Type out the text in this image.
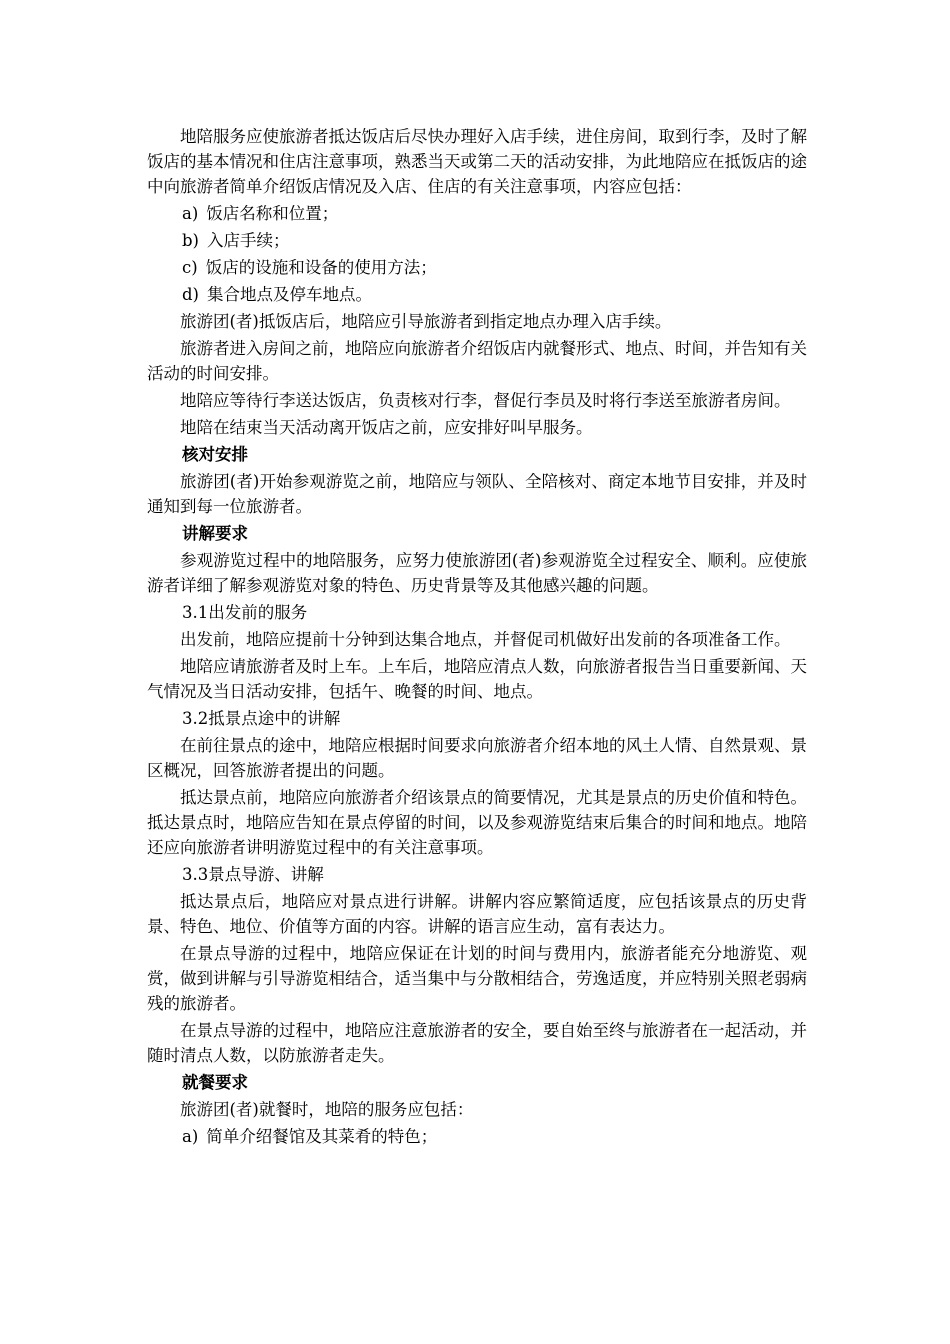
地陪服务应使旅游者抵达饭店后尽快办理好入店手续，进住房间，取到行李，及时了解饭店的基本情况和住店注意事项，熟悉当天或第二天的活动安排，为此地陪应在抵饭店的途中向旅游者简单介绍饭店情况及入店、住店的有关注意事项，内容应包括：

a) 饭店名称和位置；
b) 入店手续；
c) 饭店的设施和设备的使用方法；
d) 集合地点及停车地点。

旅游团(者)抵饭店后，地陪应引导旅游者到指定地点办理入店手续。

旅游者进入房间之前，地陪应向旅游者介绍饭店内就餐形式、地点、时间，并告知有关活动的时间安排。

地陪应等待行李送达饭店，负责核对行李，督促行李员及时将行李送至旅游者房间。

地陪在结束当天活动离开饭店之前，应安排好叫早服务。

核对安排

旅游团(者)开始参观游览之前，地陪应与领队、全陪核对、商定本地节目安排，并及时通知到每一位旅游者。

讲解要求

参观游览过程中的地陪服务，应努力使旅游团(者)参观游览全过程安全、顺利。应使旅游者详细了解参观游览对象的特色、历史背景等及其他感兴趣的问题。

3.1出发前的服务

出发前，地陪应提前十分钟到达集合地点，并督促司机做好出发前的各项准备工作。

地陪应请旅游者及时上车。上车后，地陪应清点人数，向旅游者报告当日重要新闻、天气情况及当日活动安排，包括午、晚餐的时间、地点。

3.2抵景点途中的讲解

在前往景点的途中，地陪应根据时间要求向旅游者介绍本地的风土人情、自然景观、景区概况，回答旅游者提出的问题。

抵达景点前，地陪应向旅游者介绍该景点的简要情况，尤其是景点的历史价值和特色。抵达景点时，地陪应告知在景点停留的时间，以及参观游览结束后集合的时间和地点。地陪还应向旅游者讲明游览过程中的有关注意事项。

3.3景点导游、讲解

抵达景点后，地陪应对景点进行讲解。讲解内容应繁简适度，应包括该景点的历史背景、特色、地位、价值等方面的内容。讲解的语言应生动，富有表达力。

在景点导游的过程中，地陪应保证在计划的时间与费用内，旅游者能充分地游览、观赏，做到讲解与引导游览相结合，适当集中与分散相结合，劳逸适度，并应特别关照老弱病残的旅游者。

在景点导游的过程中，地陪应注意旅游者的安全，要自始至终与旅游者在一起活动，并随时清点人数，以防旅游者走失。

就餐要求

旅游团(者)就餐时，地陪的服务应包括：

a) 简单介绍餐馆及其菜肴的特色；
